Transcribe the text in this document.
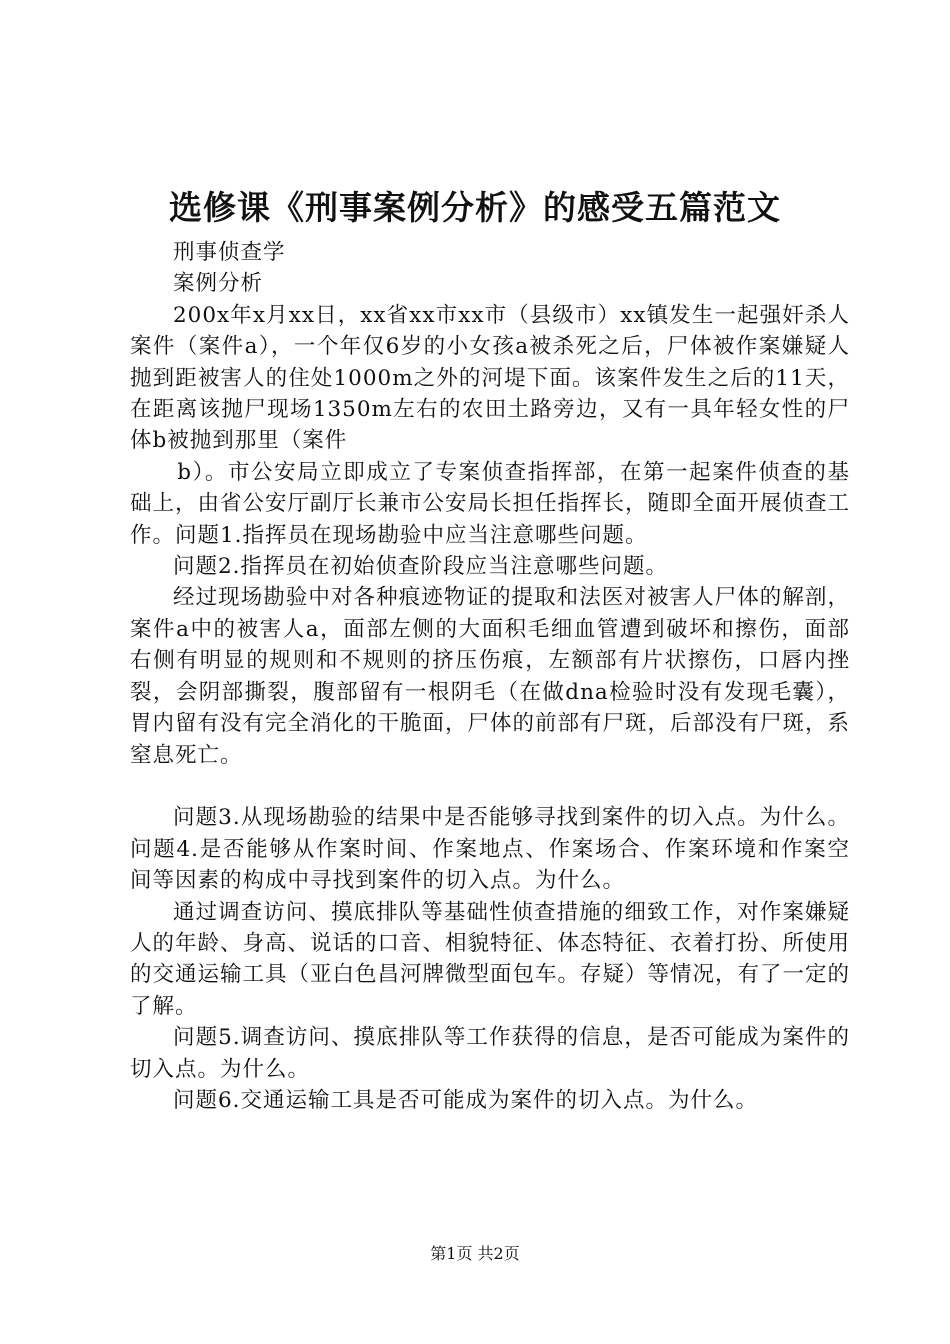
选修课《刑事案例分析》的感受五篇范文

刑事侦查学

案例分析

200x年x月xx日，xx省xx市xx市（县级市）xx镇发生一起强奸杀人案件（案件a），一个年仅6岁的小女孩a被杀死之后，尸体被作案嫌疑人抛到距被害人的住处1000m之外的河堤下面。该案件发生之后的11天，在距离该抛尸现场1350m左右的农田土路旁边，又有一具年轻女性的尸体b被抛到那里（案件

b）。市公安局立即成立了专案侦查指挥部，在第一起案件侦查的基础上，由省公安厅副厅长兼市公安局长担任指挥长，随即全面开展侦查工作。问题1.指挥员在现场勘验中应当注意哪些问题。

问题2.指挥员在初始侦查阶段应当注意哪些问题。

经过现场勘验中对各种痕迹物证的提取和法医对被害人尸体的解剖，案件a中的被害人a，面部左侧的大面积毛细血管遭到破坏和擦伤，面部右侧有明显的规则和不规则的挤压伤痕，左额部有片状擦伤，口唇内挫裂，会阴部撕裂，腹部留有一根阴毛（在做dna检验时没有发现毛囊），胃内留有没有完全消化的干脆面，尸体的前部有尸斑，后部没有尸斑，系窒息死亡。

问题3.从现场勘验的结果中是否能够寻找到案件的切入点。为什么。问题4.是否能够从作案时间、作案地点、作案场合、作案环境和作案空间等因素的构成中寻找到案件的切入点。为什么。

通过调查访问、摸底排队等基础性侦查措施的细致工作，对作案嫌疑人的年龄、身高、说话的口音、相貌特征、体态特征、衣着打扮、所使用的交通运输工具（亚白色昌河牌微型面包车。存疑）等情况，有了一定的了解。

问题5.调查访问、摸底排队等工作获得的信息，是否可能成为案件的切入点。为什么。

问题6.交通运输工具是否可能成为案件的切入点。为什么。

第1页 共2页
